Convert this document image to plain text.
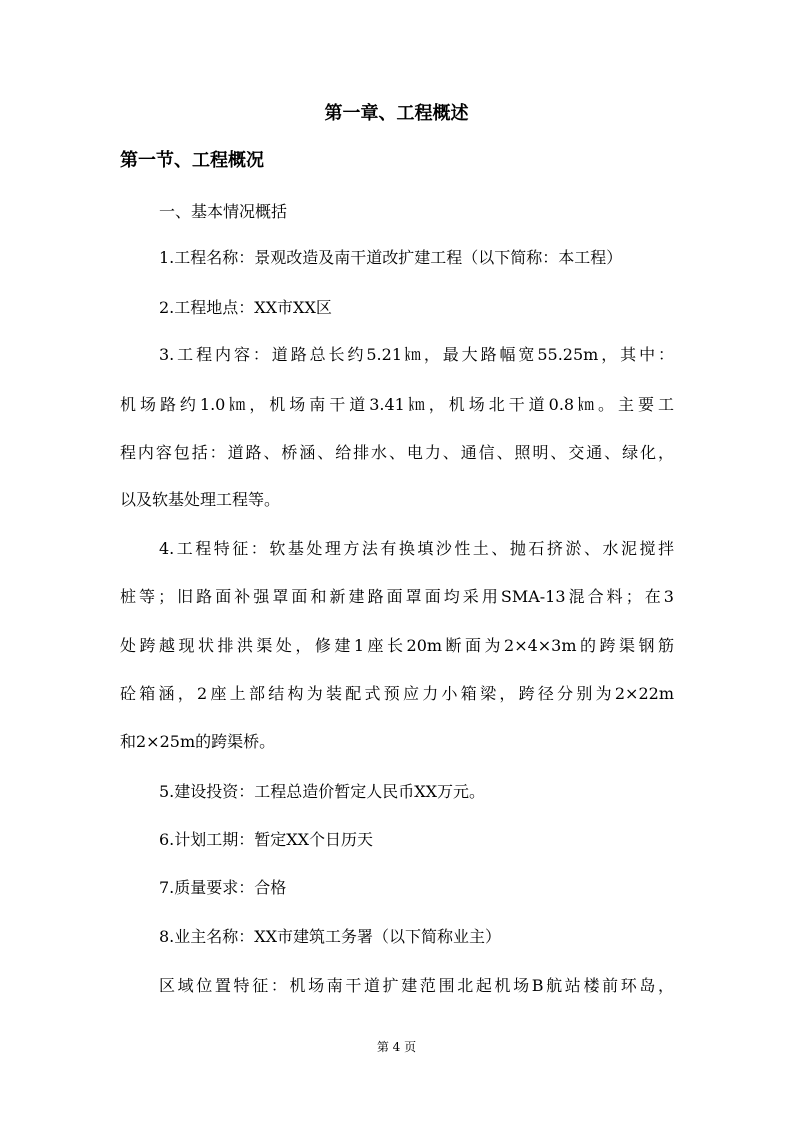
第一章、工程概述
第一节、工程概况
一、基本情况概括
1.工程名称：景观改造及南干道改扩建工程（以下简称：本工程）
2.工程地点：XX市XX区
3.工程内容：道路总长约5.21㎞，最大路幅宽55.25m，其中：
机场路约1.0㎞，机场南干道3.41㎞，机场北干道0.8㎞。主要工
程内容包括：道路、桥涵、给排水、电力、通信、照明、交通、绿化，
以及软基处理工程等。
4.工程特征：软基处理方法有换填沙性土、抛石挤淤、水泥搅拌
桩等；旧路面补强罩面和新建路面罩面均采用SMA-13混合料；在3
处跨越现状排洪渠处，修建1座长20m断面为2×4×3m的跨渠钢筋
砼箱涵，2座上部结构为装配式预应力小箱梁，跨径分别为2×22m
和2×25m的跨渠桥。
5.建设投资：工程总造价暂定人民币XX万元。
6.计划工期：暂定XX个日历天
7.质量要求：合格
8.业主名称：XX市建筑工务署（以下简称业主）
区域位置特征：机场南干道扩建范围北起机场B航站楼前环岛，
第 4 页
